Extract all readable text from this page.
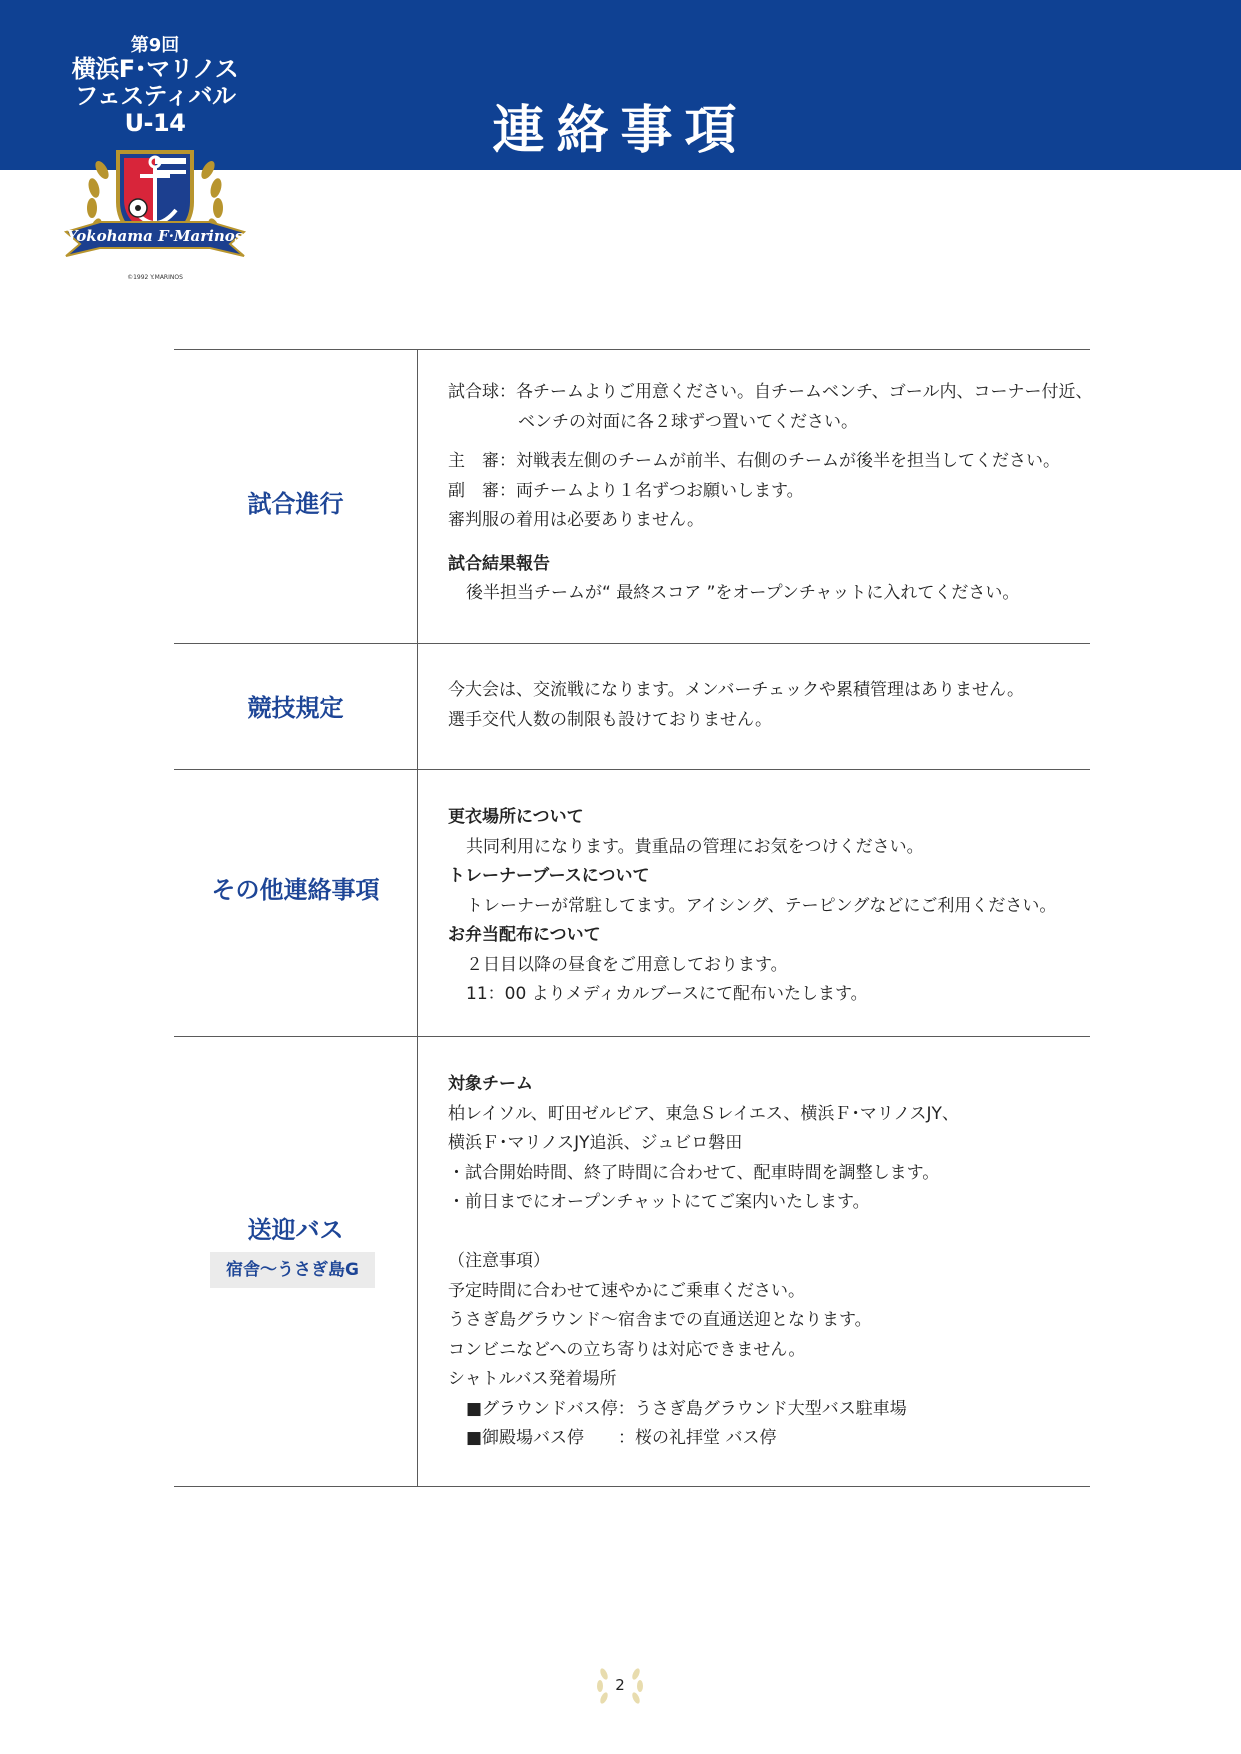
連絡事項
第9回
横浜F･マリノス
フェスティバル
U-14
Yokohama F·Marinos
©1992 Y.MARINOS
試合進行
試合球：各チームよりご用意ください。自チームベンチ、ゴール内、コーナー付近、
ベンチの対面に各２球ずつ置いてください。
主　審：対戦表左側のチームが前半、右側のチームが後半を担当してください。
副　審：両チームより１名ずつお願いします。
審判服の着用は必要ありません。
試合結果報告
後半担当チームが“ 最終スコア ”をオープンチャットに入れてください。
競技規定
今大会は、交流戦になります。メンバーチェックや累積管理はありません。
選手交代人数の制限も設けておりません。
その他連絡事項
更衣場所について
共同利用になります。貴重品の管理にお気をつけください。
トレーナーブースについて
トレーナーが常駐してます。アイシング、テーピングなどにご利用ください。
お弁当配布について
２日目以降の昼食をご用意しております。
11：00 よりメディカルブースにて配布いたします。
送迎バス
宿舎～うさぎ島G
対象チーム
柏レイソル、町田ゼルビア、東急Ｓレイエス、横浜Ｆ･マリノスJY、
横浜Ｆ･マリノスJY追浜、ジュビロ磐田
・試合開始時間、終了時間に合わせて、配車時間を調整します。
・前日までにオープンチャットにてご案内いたします。
（注意事項）
予定時間に合わせて速やかにご乗車ください。
うさぎ島グラウンド～宿舎までの直通送迎となります。
コンビニなどへの立ち寄りは対応できません。
シャトルバス発着場所
■グラウンドバス停：うさぎ島グラウンド大型バス駐車場
■御殿場バス停　　：桜の礼拝堂 バス停
2
